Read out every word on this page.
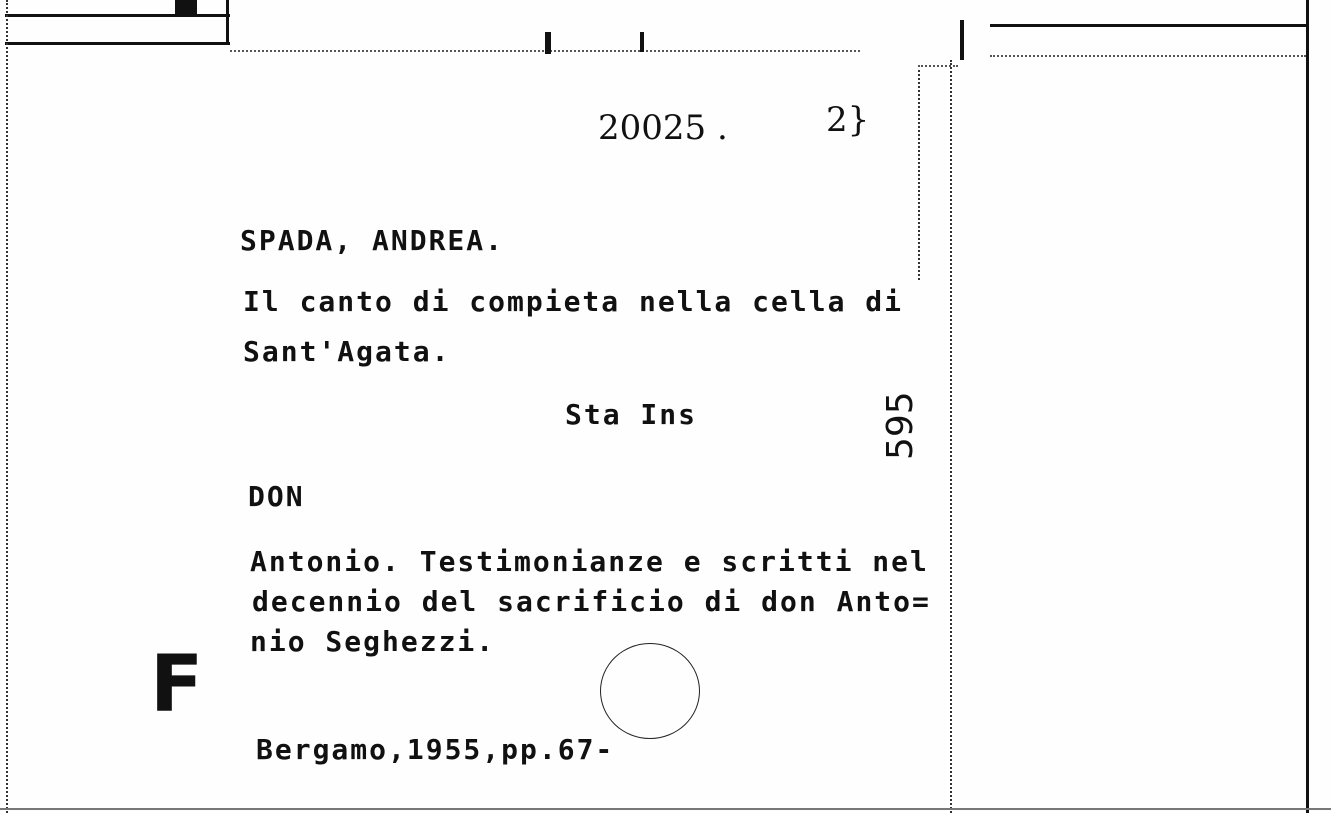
20025 .	2}
SPADA, ANDREA.
Il canto di compieta nella cella di
Sant'Agata.
Sta Ins	595
DON
Antonio. Testimonianze e scritti nel
decennio del sacrificio di don Anto=
nio Seghezzi.
F
Bergamo,1955,pp.67-
